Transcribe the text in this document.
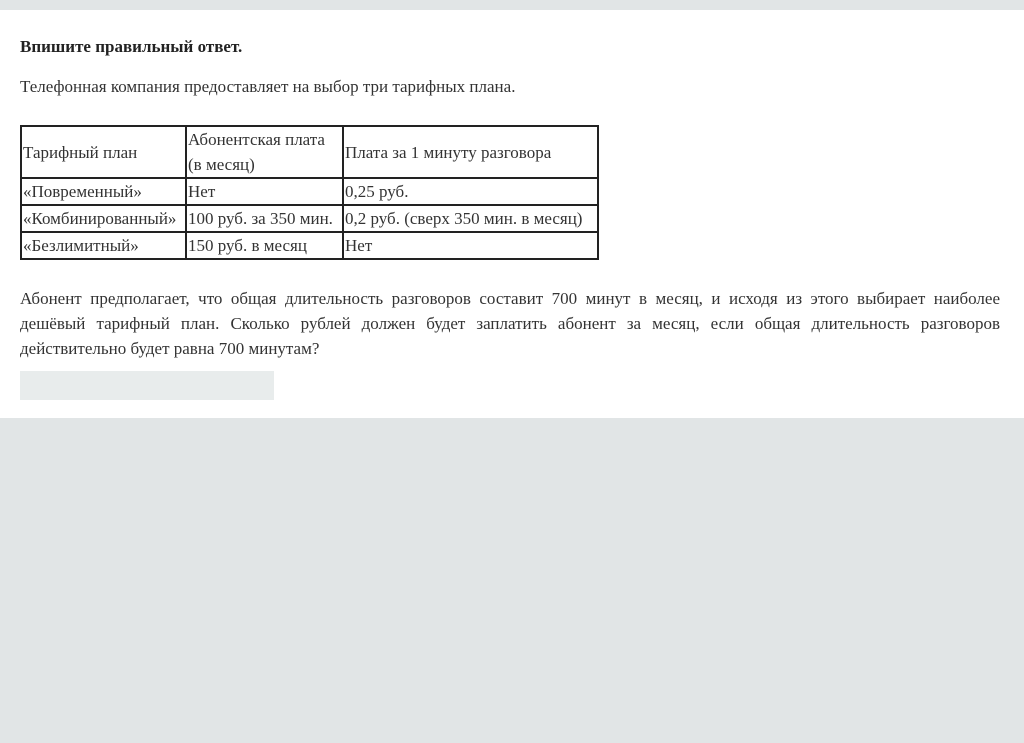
Впишите правильный ответ.

Телефонная компания предоставляет на выбор три тарифных плана.

Тарифный план	Абонентская плата (в месяц)	Плата за 1 минуту разговора
«Повременный»	Нет	0,25 руб.
«Комбинированный»	100 руб. за 350 мин.	0,2 руб. (сверх 350 мин. в месяц)
«Безлимитный»	150 руб. в месяц	Нет

Абонент предполагает, что общая длительность разговоров составит 700 минут в месяц, и исходя из этого выбирает наиболее дешёвый тарифный план. Сколько рублей должен будет заплатить абонент за месяц, если общая длительность разговоров действительно будет равна 700 минутам?
